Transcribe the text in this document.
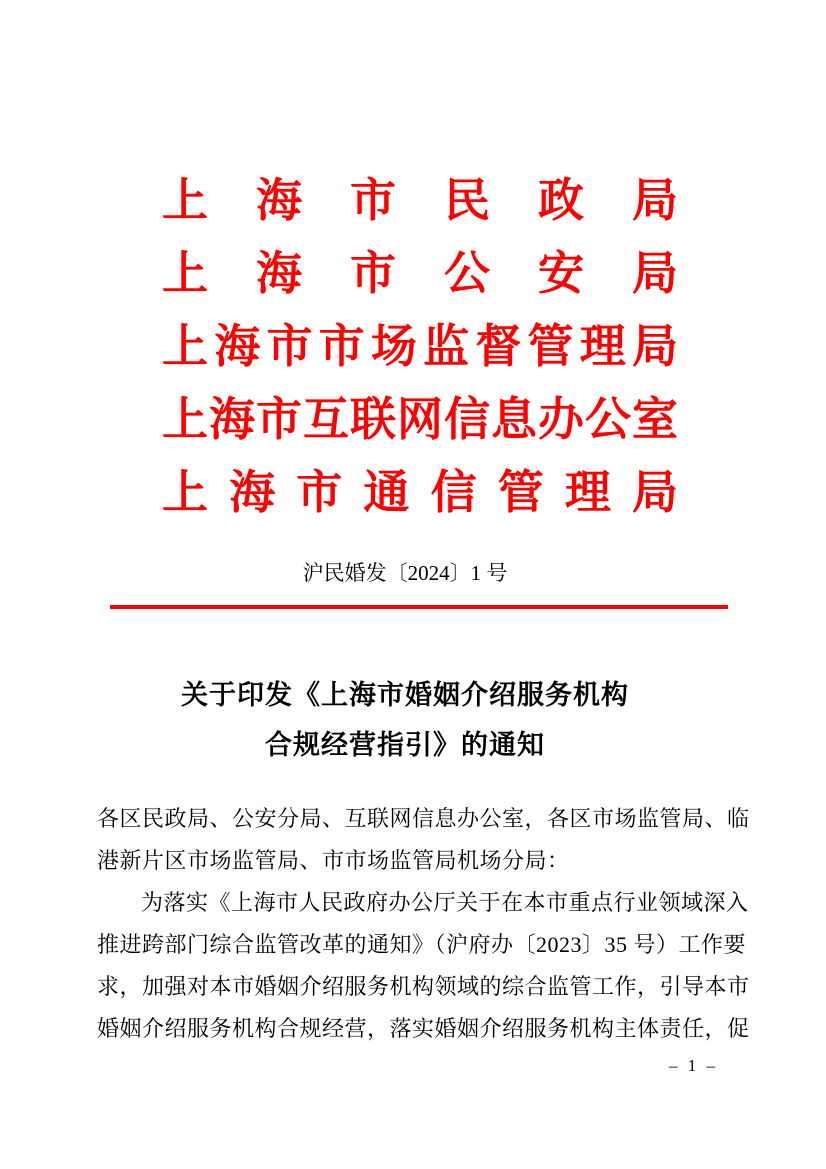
上海市民政局
上海市公安局
上海市市场监督管理局
上海市互联网信息办公室
上海市通信管理局
沪民婚发〔2024〕1 号
关于印发《上海市婚姻介绍服务机构
合规经营指引》的通知
各区民政局、公安分局、互联网信息办公室，各区市场监管局、临
港新片区市场监管局、市市场监管局机场分局：
为落实《上海市人民政府办公厅关于在本市重点行业领域深入
推进跨部门综合监管改革的通知》（沪府办〔2023〕35 号）工作要
求，加强对本市婚姻介绍服务机构领域的综合监管工作，引导本市
婚姻介绍服务机构合规经营，落实婚姻介绍服务机构主体责任，促
– 1 –
